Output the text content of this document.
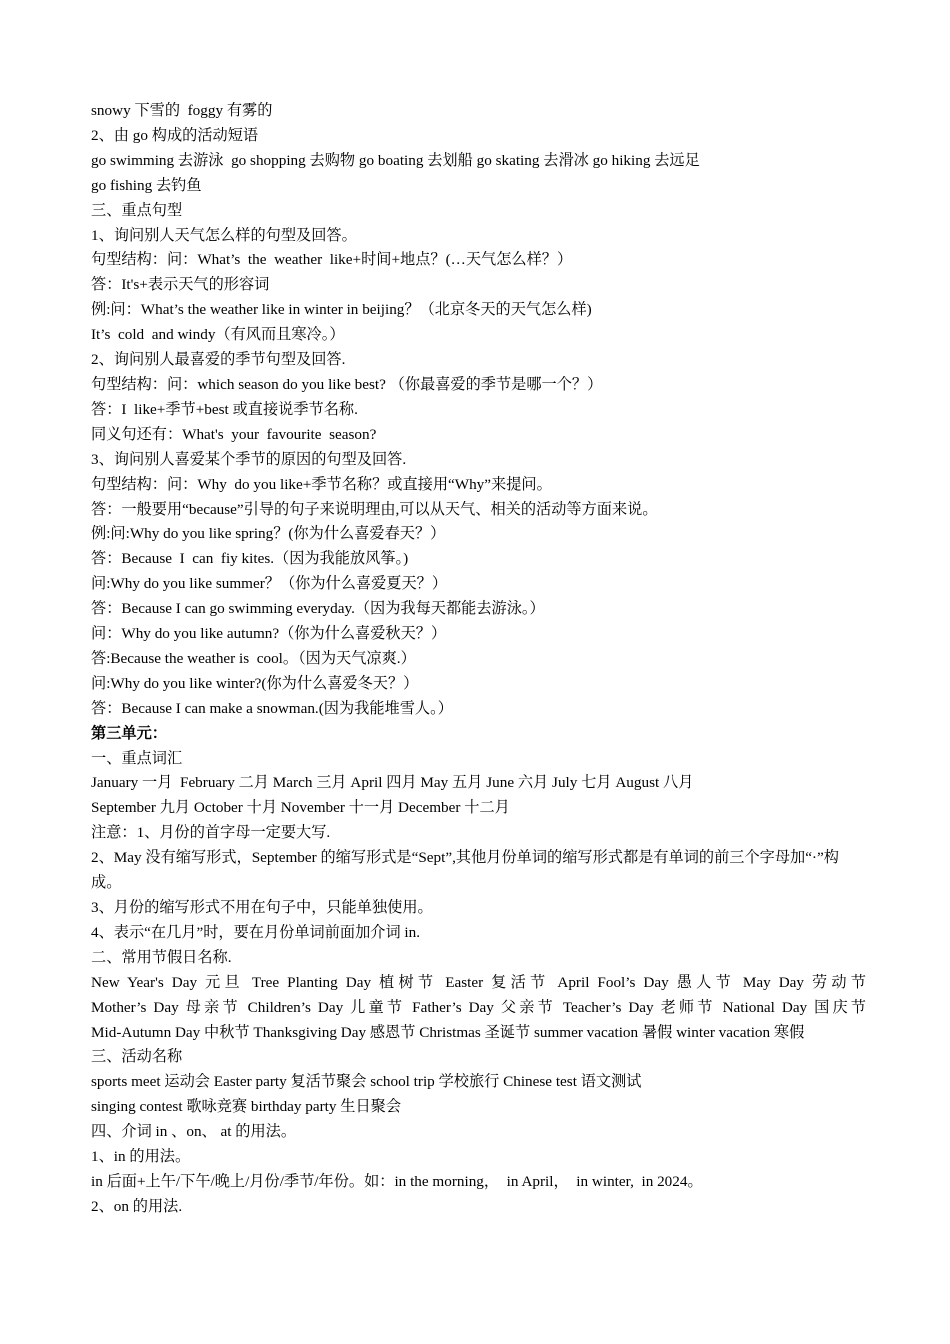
snowy 下雪的  foggy 有雾的

2、由 go 构成的活动短语

go swimming 去游泳  go shopping 去购物 go boating 去划船 go skating 去滑冰 go hiking 去远足

go fishing 去钓鱼

三、重点句型

1、询问别人天气怎么样的句型及回答。

句型结构：问：What’s  the  weather  like+时间+地点？(…天气怎么样？）

答：It's+表示天气的形容词

例:问：What’s the weather like in winter in beijing？（北京冬天的天气怎么样)

It’s  cold  and windy（有风而且寒冷。）

2、询问别人最喜爱的季节句型及回答.

句型结构：问：which season do you like best? （你最喜爱的季节是哪一个？）

答：I  like+季节+best 或直接说季节名称.

同义句还有：What's  your  favourite  season?

3、询问别人喜爱某个季节的原因的句型及回答.

句型结构：问：Why  do you like+季节名称？或直接用“Why”来提问。

答：一般要用“because”引导的句子来说明理由,可以从天气、相关的活动等方面来说。

例:问:Why do you like spring？(你为什么喜爱春天？）

答：Because  I  can  fiy kites.（因为我能放风筝。)

问:Why do you like summer？（你为什么喜爱夏天？）

答：Because I can go swimming everyday.（因为我每天都能去游泳。）

问：Why do you like autumn?（你为什么喜爱秋天？）

答:Because the weather is  cool。（因为天气凉爽.）

问:Why do you like winter?(你为什么喜爱冬天？）

答：Because I can make a snowman.(因为我能堆雪人。）

第三单元：

一、重点词汇

January 一月  February 二月 March 三月 April 四月 May 五月 June 六月 July 七月 August 八月

September 九月 October 十月 November 十一月 December 十二月

注意：1、月份的首字母一定要大写.

2、May 没有缩写形式，September 的缩写形式是“Sept”,其他月份单词的缩写形式都是有单词的前三个字母加“·”构成。

3、月份的缩写形式不用在句子中，只能单独使用。

4、表示“在几月”时，要在月份单词前面加介词 in.

二、常用节假日名称.

New Year's Day 元旦 Tree Planting Day 植树节 Easter 复活节 April Fool’s Day 愚人节 May Day 劳动节

Mother’s Day 母亲节 Children’s Day 儿童节 Father’s Day 父亲节 Teacher’s Day 老师节 National Day 国庆节

Mid-Autumn Day 中秋节 Thanksgiving Day 感恩节 Christmas 圣诞节 summer vacation 暑假 winter vacation 寒假

三、活动名称

sports meet 运动会 Easter party 复活节聚会 school trip 学校旅行 Chinese test 语文测试

singing contest 歌咏竞赛 birthday party 生日聚会

四、介词 in 、on、 at 的用法。

1、in 的用法。

in 后面+上午/下午/晚上/月份/季节/年份。如：in the morning，  in April，  in winter,  in 2024。

2、on 的用法.
